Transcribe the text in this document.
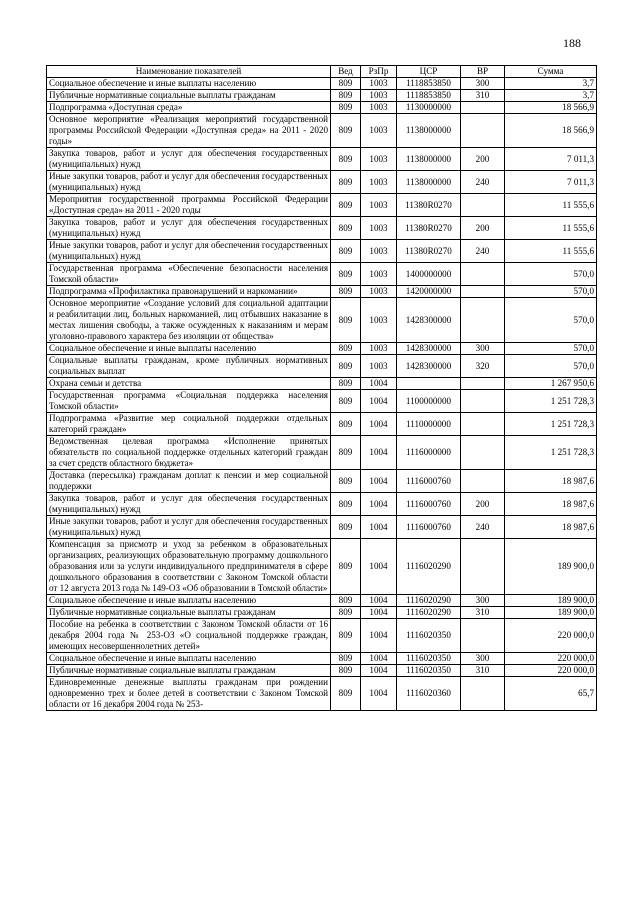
188
Наименование показателей	Вед	РзПр	ЦСР	ВР	Сумма
Социальное обеспечение и иные выплаты населению	809	1003	1118853850	300	3,7
Публичные нормативные социальные выплаты гражданам	809	1003	1118853850	310	3,7
Подпрограмма «Доступная среда»	809	1003	1130000000		18 566,9
Основное мероприятие «Реализация мероприятий государственной программы Российской Федерации «Доступная среда» на 2011 - 2020 годы»	809	1003	1138000000		18 566,9
Закупка товаров, работ и услуг для обеспечения государственных (муниципальных) нужд	809	1003	1138000000	200	7 011,3
Иные закупки товаров, работ и услуг для обеспечения государственных (муниципальных) нужд	809	1003	1138000000	240	7 011,3
Мероприятия государственной программы Российской Федерации «Доступная среда» на 2011 - 2020 годы	809	1003	11380R0270		11 555,6
Закупка товаров, работ и услуг для обеспечения государственных (муниципальных) нужд	809	1003	11380R0270	200	11 555,6
Иные закупки товаров, работ и услуг для обеспечения государственных (муниципальных) нужд	809	1003	11380R0270	240	11 555,6
Государственная программа «Обеспечение безопасности населения Томской области»	809	1003	1400000000		570,0
Подпрограмма «Профилактика правонарушений и наркомании»	809	1003	1420000000		570,0
Основное мероприятие «Создание условий для социальной адаптации и реабилитации лиц, больных наркоманией, лиц отбывших наказание в местах лишения свободы, а также осужденных к наказаниям и мерам уголовно-правового характера без изоляции от общества»	809	1003	1428300000		570,0
Социальное обеспечение и иные выплаты населению	809	1003	1428300000	300	570,0
Социальные выплаты гражданам, кроме публичных нормативных социальных выплат	809	1003	1428300000	320	570,0
Охрана семьи и детства	809	1004			1 267 950,6
Государственная программа «Социальная поддержка населения Томской области»	809	1004	1100000000		1 251 728,3
Подпрограмма «Развитие мер социальной поддержки отдельных категорий граждан»	809	1004	1110000000		1 251 728,3
Ведомственная целевая программа «Исполнение принятых обязательств по социальной поддержке отдельных категорий граждан за счет средств областного бюджета»	809	1004	1116000000		1 251 728,3
Доставка (пересылка) гражданам доплат к пенсии и мер социальной поддержки	809	1004	1116000760		18 987,6
Закупка товаров, работ и услуг для обеспечения государственных (муниципальных) нужд	809	1004	1116000760	200	18 987,6
Иные закупки товаров, работ и услуг для обеспечения государственных (муниципальных) нужд	809	1004	1116000760	240	18 987,6
Компенсация за присмотр и уход за ребенком в образовательных организациях, реализующих образовательную программу дошкольного образования или за услуги индивидуального предпринимателя в сфере дошкольного образования в соответствии с Законом Томской области от 12 августа 2013 года № 149-ОЗ «Об образовании в Томской области»	809	1004	1116020290		189 900,0
Социальное обеспечение и иные выплаты населению	809	1004	1116020290	300	189 900,0
Публичные нормативные социальные выплаты гражданам	809	1004	1116020290	310	189 900,0
Пособие на ребенка в соответствии с Законом Томской области от 16 декабря 2004 года № 253-ОЗ «О социальной поддержке граждан, имеющих несовершеннолетних детей»	809	1004	1116020350		220 000,0
Социальное обеспечение и иные выплаты населению	809	1004	1116020350	300	220 000,0
Публичные нормативные социальные выплаты гражданам	809	1004	1116020350	310	220 000,0
Единовременные денежные выплаты гражданам при рождении одновременно трех и более детей в соответствии с Законом Томской области от 16 декабря 2004 года № 253-	809	1004	1116020360		65,7
